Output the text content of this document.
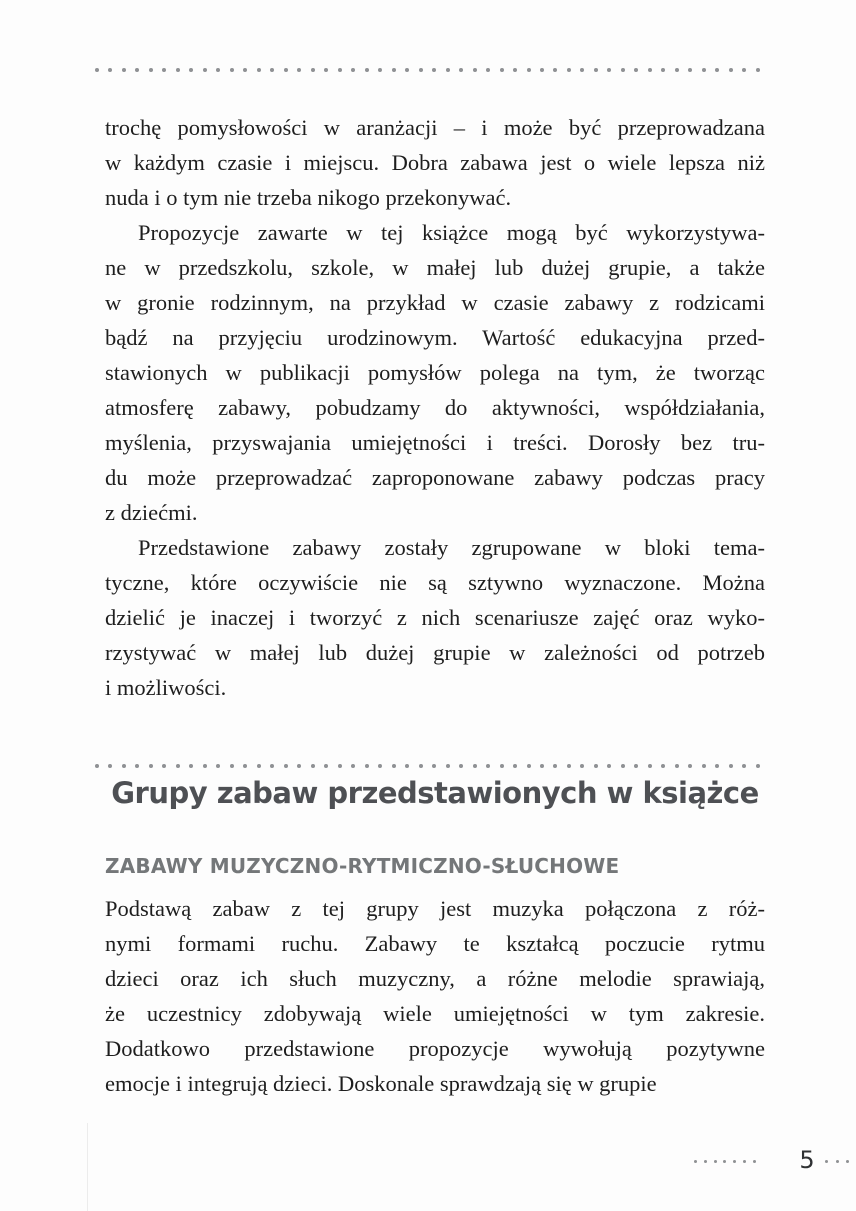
trochę pomysłowości w aranżacji – i może być przeprowadzana
w każdym czasie i miejscu. Dobra zabawa jest o wiele lepsza niż
nuda i o tym nie trzeba nikogo przekonywać.
Propozycje zawarte w tej książce mogą być wykorzystywa-
ne w przedszkolu, szkole, w małej lub dużej grupie, a także
w gronie rodzinnym, na przykład w czasie zabawy z rodzicami
bądź na przyjęciu urodzinowym. Wartość edukacyjna przed-
stawionych w publikacji pomysłów polega na tym, że tworząc
atmosferę zabawy, pobudzamy do aktywności, współdziałania,
myślenia, przyswajania umiejętności i treści. Dorosły bez tru-
du może przeprowadzać zaproponowane zabawy podczas pracy
z dziećmi.
Przedstawione zabawy zostały zgrupowane w bloki tema-
tyczne, które oczywiście nie są sztywno wyznaczone. Można
dzielić je inaczej i tworzyć z nich scenariusze zajęć oraz wyko-
rzystywać w małej lub dużej grupie w zależności od potrzeb
i możliwości.
Grupy zabaw przedstawionych w książce
ZABAWY MUZYCZNO-RYTMICZNO-SŁUCHOWE
Podstawą zabaw z tej grupy jest muzyka połączona z róż-
nymi formami ruchu. Zabawy te kształcą poczucie rytmu
dzieci oraz ich słuch muzyczny, a różne melodie sprawiają,
że uczestnicy zdobywają wiele umiejętności w tym zakresie.
Dodatkowo przedstawione propozycje wywołują pozytywne
emocje i integrują dzieci. Doskonale sprawdzają się w grupie
5
